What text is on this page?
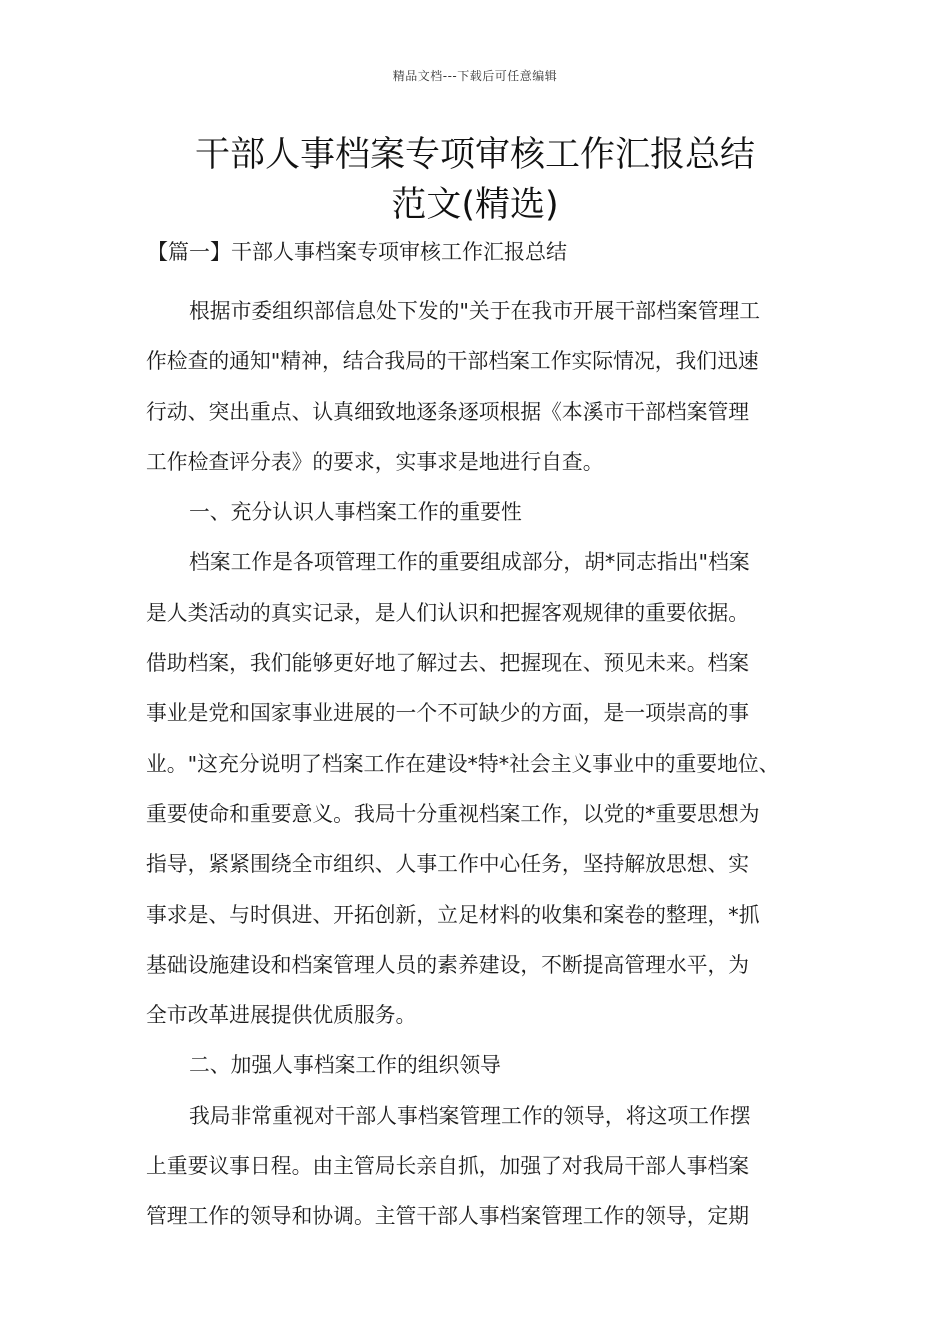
精品文档---下载后可任意编辑
干部人事档案专项审核工作汇报总结
范文(精选)
【篇一】干部人事档案专项审核工作汇报总结

根据市委组织部信息处下发的"关于在我市开展干部档案管理工
作检查的通知"精神，结合我局的干部档案工作实际情况，我们迅速
行动、突出重点、认真细致地逐条逐项根据《本溪市干部档案管理
工作检查评分表》的要求，实事求是地进行自查。

一、充分认识人事档案工作的重要性

档案工作是各项管理工作的重要组成部分，胡*同志指出"档案
是人类活动的真实记录，是人们认识和把握客观规律的重要依据。
借助档案，我们能够更好地了解过去、把握现在、预见未来。档案
事业是党和国家事业进展的一个不可缺少的方面，是一项崇高的事
业。"这充分说明了档案工作在建设*特*社会主义事业中的重要地位、
重要使命和重要意义。我局十分重视档案工作，以党的*重要思想为
指导，紧紧围绕全市组织、人事工作中心任务，坚持解放思想、实
事求是、与时俱进、开拓创新，立足材料的收集和案卷的整理，*抓
基础设施建设和档案管理人员的素养建设，不断提高管理水平，为
全市改革进展提供优质服务。

二、加强人事档案工作的组织领导

我局非常重视对干部人事档案管理工作的领导，将这项工作摆
上重要议事日程。由主管局长亲自抓，加强了对我局干部人事档案
管理工作的领导和协调。主管干部人事档案管理工作的领导，定期
